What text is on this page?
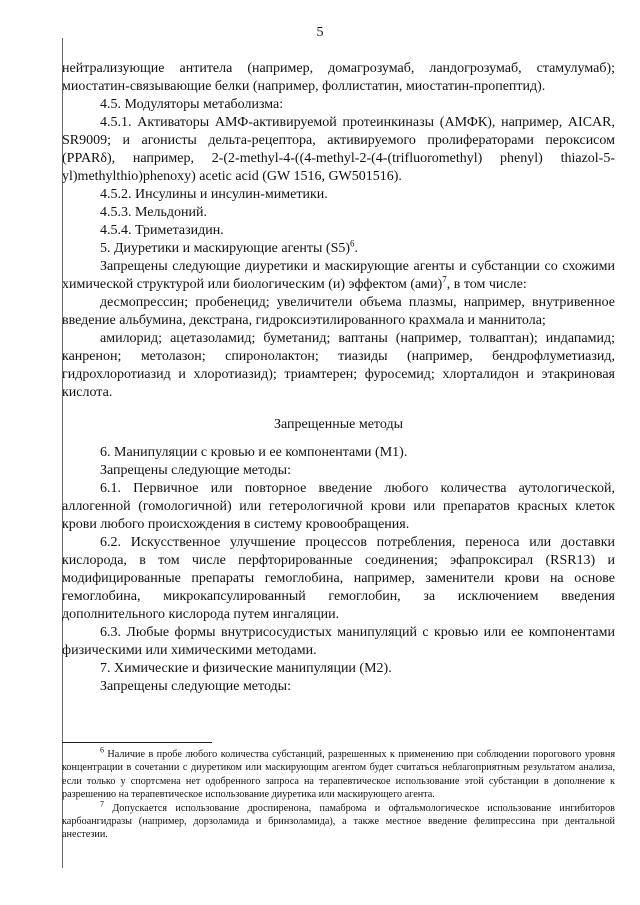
5

нейтрализующие антитела (например, домагрозумаб, ландогрозумаб, стамулумаб); миостатин-связывающие белки (например, фоллистатин, миостатин-пропептид).

4.5. Модуляторы метаболизма:

4.5.1. Активаторы АМФ-активируемой протеинкиназы (АМФК), например, AICAR, SR9009; и агонисты дельта-рецептора, активируемого пролифераторами пероксисом (PPARδ), например, 2-(2-methyl-4-((4-methyl-2-(4-(trifluoromethyl) phenyl) thiazol-5-yl)methylthio)phenoxy) acetic acid (GW 1516, GW501516).

4.5.2. Инсулины и инсулин-миметики.

4.5.3. Мельдоний.

4.5.4. Триметазидин.

5. Диуретики и маскирующие агенты $(S5)^6$.

Запрещены следующие диуретики и маскирующие агенты и субстанции со схожими химической структурой или биологическим (и) эффектом (ами)$^7$, в том числе:

десмопрессин; пробенецид; увеличители объема плазмы, например, внутривенное введение альбумина, декстрана, гидроксиэтилированного крахмала и маннитола;

амилорид; ацетазоламид; буметанид; ваптаны (например, толваптан); индапамид; канренон; метолазон; спиронолактон; тиазиды (например, бендрофлуметиазид, гидрохлоротиазид и хлоротиазид); триамтерен; фуросемид; хлорталидон и этакриновая кислота.

Запрещенные методы

6. Манипуляции с кровью и ее компонентами (М1).

Запрещены следующие методы:

6.1. Первичное или повторное введение любого количества аутологической, аллогенной (гомологичной) или гетерологичной крови или препаратов красных клеток крови любого происхождения в систему кровообращения.

6.2. Искусственное улучшение процессов потребления, переноса или доставки кислорода, в том числе перфторированные соединения; эфапроксирал (RSR13) и модифицированные препараты гемоглобина, например, заменители крови на основе гемоглобина, микрокапсулированный гемоглобин, за исключением введения дополнительного кислорода путем ингаляции.

6.3. Любые формы внутрисосудистых манипуляций с кровью или ее компонентами физическими или химическими методами.

7. Химические и физические манипуляции (М2).

Запрещены следующие методы:

$^6$ Наличие в пробе любого количества субстанций, разрешенных к применению при соблюдении порогового уровня концентрации в сочетании с диуретиком или маскирующим агентом будет считаться неблагоприятным результатом анализа, если только у спортсмена нет одобренного запроса на терапевтическое использование этой субстанции в дополнение к разрешению на терапевтическое использование диуретика или маскирующего агента.

$^7$ Допускается использование дроспиренона, памаброма и офтальмологическое использование ингибиторов карбоангидразы (например, дорзоламида и бринзоламида), а также местное введение фелипрессина при дентальной анестезии.
